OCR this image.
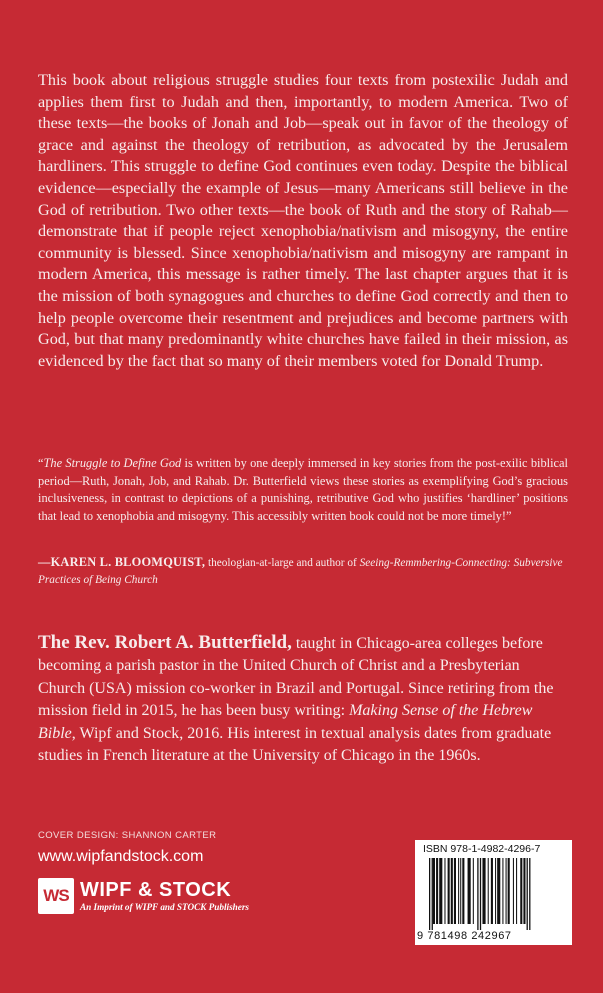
This book about religious struggle studies four texts from postexilic Judah and applies them first to Judah and then, importantly, to modern America. Two of these texts—the books of Jonah and Job—speak out in favor of the theology of grace and against the theology of retribution, as advocated by the Jerusalem hardliners. This struggle to define God continues even today. Despite the biblical evidence—especially the example of Jesus—many Americans still believe in the God of retribution. Two other texts—the book of Ruth and the story of Rahab—demonstrate that if people reject xenophobia/nativism and misogyny, the entire community is blessed. Since xenophobia/nativism and misogyny are rampant in modern America, this message is rather timely. The last chapter argues that it is the mission of both synagogues and churches to define God correctly and then to help people overcome their resentment and prejudices and become partners with God, but that many predominantly white churches have failed in their mission, as evidenced by the fact that so many of their members voted for Donald Trump.

“The Struggle to Define God is written by one deeply immersed in key stories from the post-exilic biblical period—Ruth, Jonah, Job, and Rahab. Dr. Butterfield views these stories as exemplifying God’s gracious inclusiveness, in contrast to depictions of a punishing, retributive God who justifies ‘hardliner’ positions that lead to xenophobia and misogyny. This accessibly written book could not be more timely!”

—KAREN L. BLOOMQUIST, theologian-at-large and author of Seeing-Remmbering-Connecting: Subversive Practices of Being Church

The Rev. Robert A. Butterfield, taught in Chicago-area colleges before becoming a parish pastor in the United Church of Christ and a Presbyterian Church (USA) mission co-worker in Brazil and Portugal. Since retiring from the mission field in 2015, he has been busy writing: Making Sense of the Hebrew Bible, Wipf and Stock, 2016. His interest in textual analysis dates from graduate studies in French literature at the University of Chicago in the 1960s.

COVER DESIGN: SHANNON CARTER
www.wipfandstock.com
WS WIPF & STOCK
An Imprint of WIPF and STOCK Publishers
ISBN 978-1-4982-4296-7
9 781498 242967
